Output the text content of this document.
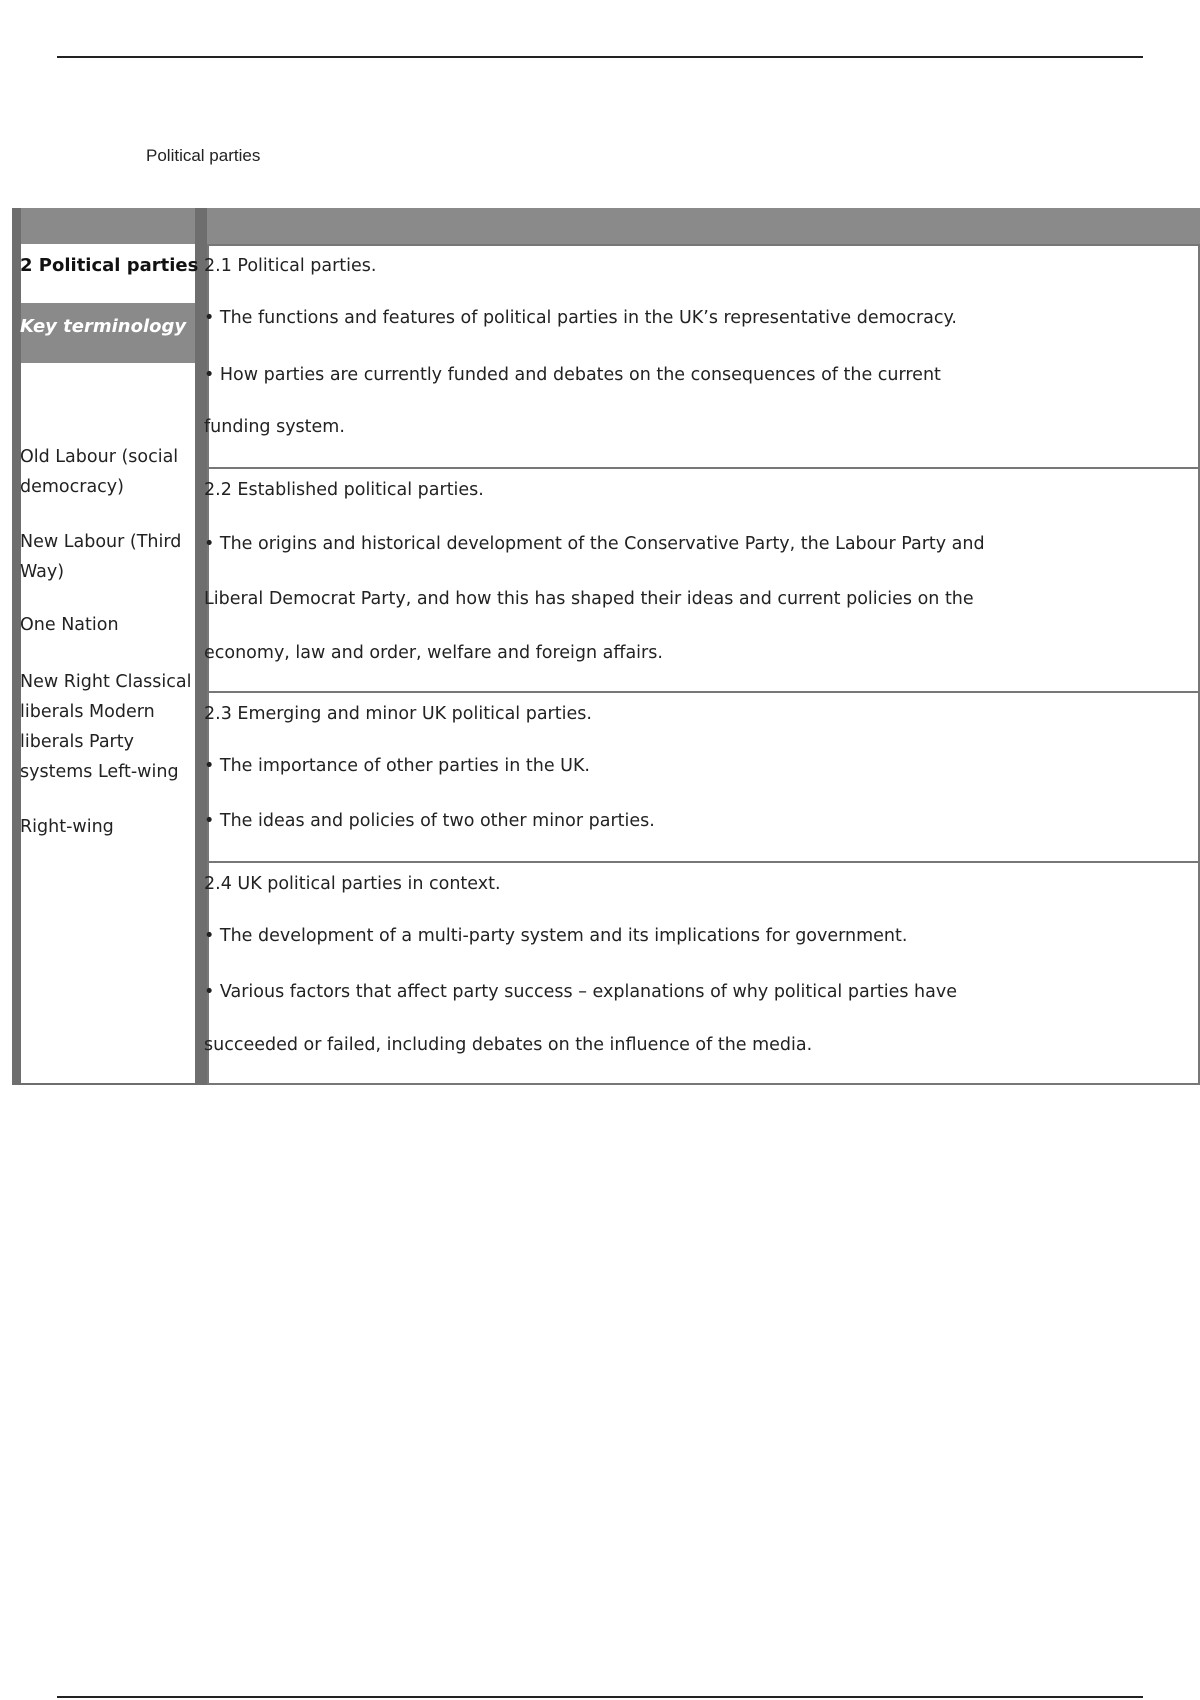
Political parties
2 Political parties
Key terminology
Old Labour (social democracy)
New Labour (Third Way)
One Nation
New Right Classical liberals Modern liberals Party systems Left-wing
Right-wing
2.1 Political parties.
• The functions and features of political parties in the UK’s representative democracy.
• How parties are currently funded and debates on the consequences of the current
funding system.
2.2 Established political parties.
• The origins and historical development of the Conservative Party, the Labour Party and
Liberal Democrat Party, and how this has shaped their ideas and current policies on the
economy, law and order, welfare and foreign affairs.
2.3 Emerging and minor UK political parties.
• The importance of other parties in the UK.
• The ideas and policies of two other minor parties.
2.4 UK political parties in context.
• The development of a multi-party system and its implications for government.
• Various factors that affect party success – explanations of why political parties have
succeeded or failed, including debates on the influence of the media.
